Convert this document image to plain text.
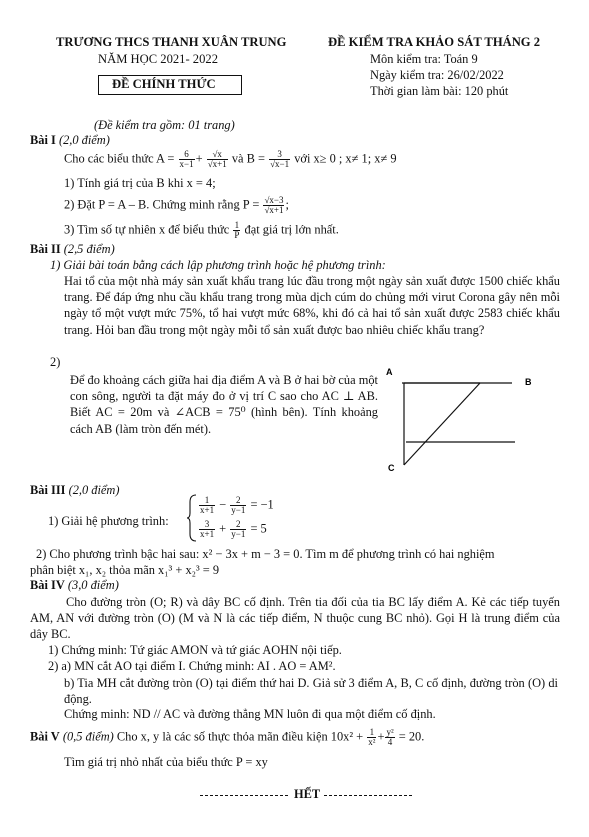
TRƯƠNG THCS THANH XUÂN TRUNG
NĂM HỌC 2021- 2022
ĐỀ CHÍNH THỨC
ĐỀ KIỂM TRA KHẢO SÁT THÁNG 2
Môn kiểm tra: Toán 9
Ngày kiểm tra: 26/02/2022
Thời gian làm bài: 120 phút
(Đề kiểm tra gồm: 01 trang)
Bài I (2,0 điểm)
Cho các biểu thức $A = \frac{6}{x-1} + \frac{√x}{√x+1}$ và $B = \frac{3}{√x-1}$ với x≥ 0 ; x≠ 1; x≠ 9
1) Tính giá trị của B khi x = 4;
2) Đặt P = A – B. Chứng minh rằng $P = \frac{√x-3}{√x+1}$ ;
3) Tìm số tự nhiên x để biểu thức $\frac{1}{P}$ đạt giá trị lớn nhất.
Bài II (2,5 điểm)
1) Giải bài toán bằng cách lập phương trình hoặc hệ phương trình:
Hai tổ của một nhà máy sản xuất khẩu trang lúc đầu trong một ngày sản xuất được 1500 chiếc khẩu trang. Để đáp ứng nhu cầu khẩu trang trong mùa dịch cúm do chủng mới virut Corona gây nên mỗi ngày tổ một vượt mức 75%, tổ hai vượt mức 68%, khi đó cả hai tổ sản xuất được 2583 chiếc khẩu trang. Hỏi ban đầu trong một ngày mỗi tổ sản xuất được bao nhiêu chiếc khẩu trang?
2)
Để đo khoảng cách giữa hai địa điểm A và B ở hai bờ của một con sông, người ta đặt máy đo ở vị trí C sao cho AC ⊥ AB. Biết AC = 20m và ∠ACB = 75⁰ (hình bên). Tính khoảng cách AB (làm tròn đến mét).
A
B
C
Bài III (2,0 điểm)
1) Giải hệ phương trình:
$\frac{1}{x+1} - \frac{2}{y-1} = -1$
$\frac{3}{x+1} + \frac{2}{y-1} = 5$
2) Cho phương trình bậc hai sau: x² − 3x + m − 3 = 0. Tìm m để phương trình có hai nghiệm
phân biệt x₁, x₂ thỏa mãn x₁³ + x₂³ = 9
Bài IV (3,0 điểm)
Cho đường tròn (O; R) và dây BC cố định. Trên tia đối của tia BC lấy điểm A. Kẻ các tiếp tuyến AM, AN với đường tròn (O) (M và N là các tiếp điểm, N thuộc cung BC nhỏ). Gọi H là trung điểm của dây BC.
1) Chứng minh: Tứ giác AMON và tứ giác AOHN nội tiếp.
2) a) MN cắt AO tại điểm I. Chứng minh: AI . AO = AM².
b) Tia MH cắt đường tròn (O) tại điểm thứ hai D. Giả sử 3 điểm A, B, C cố định, đường tròn (O) di động.
Chứng minh: ND // AC và đường thẳng MN luôn đi qua một điểm cố định.
Bài V (0,5 điểm) Cho x, y là các số thực thỏa mãn điều kiện $10x^2 + \frac{1}{\text{x²}} + \frac{\text{y²}}{4} = 20$.
Tìm giá trị nhỏ nhất của biểu thức P = xy
HẾT
